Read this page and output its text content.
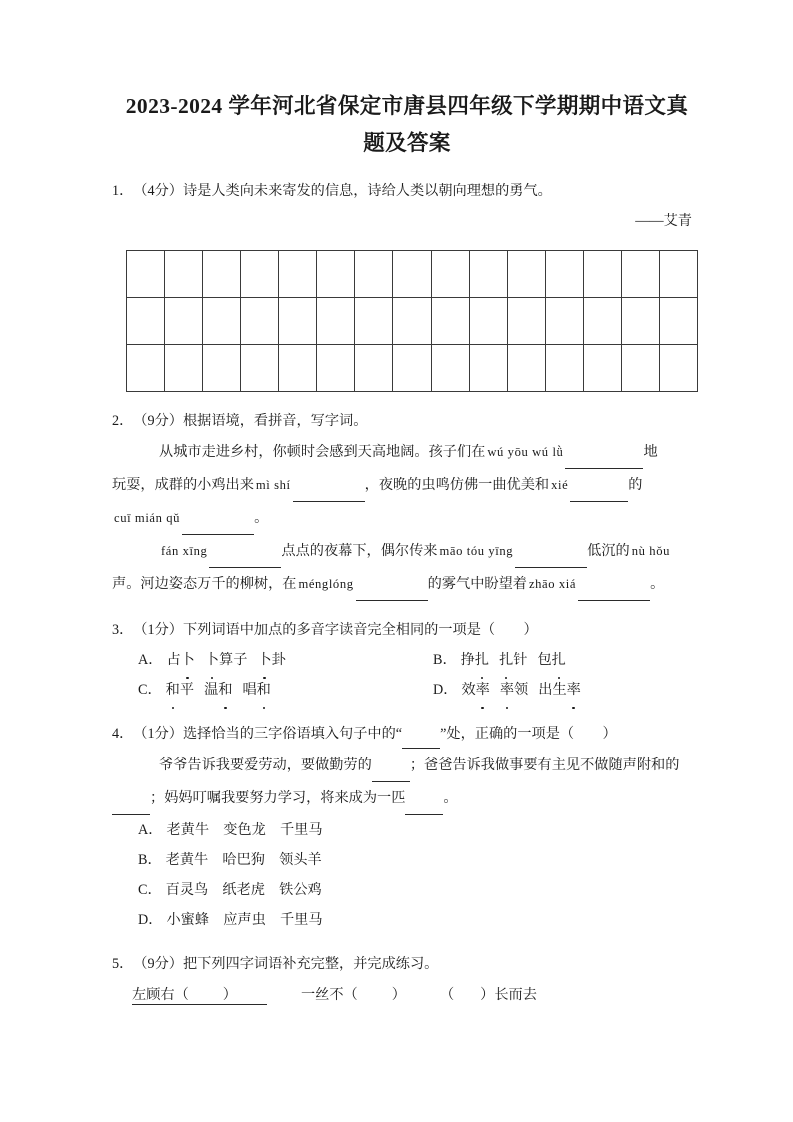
2023-2024 学年河北省保定市唐县四年级下学期期中语文真题及答案
1．（4分）诗是人类向未来寄发的信息，诗给人类以朝向理想的勇气。
——艾青

2．（9分）根据语境，看拼音，写字词。
从城市走进乡村，你顿时会感到天高地阔。孩子们在 wú yōu wú lǜ	地
玩耍，成群的小鸡出来 mì shí	，夜晚的虫鸣仿佛一曲优美和 xié	的
cuī mián qǔ	。
fán xīng	点点的夜幕下，偶尔传来 māo tóu yīng	低沉的 nù hǒu
声。河边姿态万千的柳树，在 ménglóng	的雾气中盼望着 zhāo xiá	。
3．（1分）下列词语中加点的多音字读音完全相同的一项是（　　）
A． 占卜 卜算子 卜卦	B． 挣扎 扎针 包扎
C． 和平 温和 唱和	D． 效率 率领 出生率
4．（1分）选择恰当的三字俗语填入句子中的“	”处，正确的一项是（　　）
爷爷告诉我要爱劳动，要做勤劳的	；爸爸告诉我做事要有主见不做随声附和的
；妈妈叮嘱我要努力学习，将来成为一匹	。
A． 老黄牛　变色龙　千里马
B． 老黄牛　哈巴狗　领头羊
C． 百灵鸟　纸老虎　铁公鸡
D． 小蜜蜂　应声虫　千里马
5．（9分）把下列四字词语补充完整，并完成练习。
左顾右（ ）	一丝不（ ） （ ）长而去
